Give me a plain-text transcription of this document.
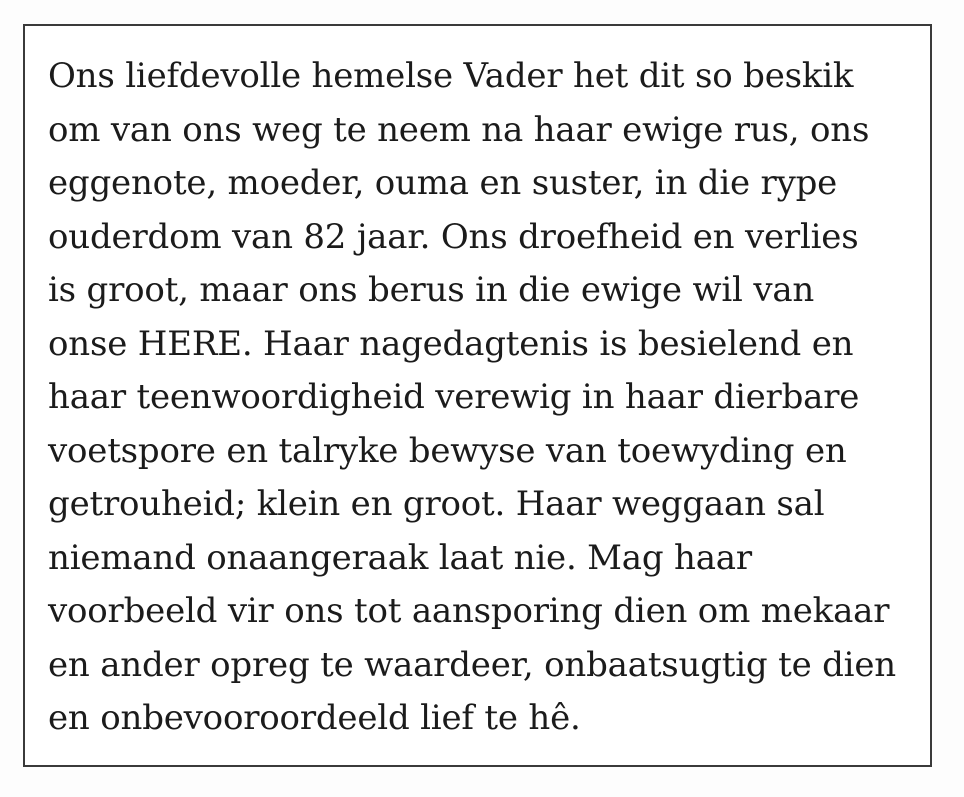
Ons liefdevolle hemelse Vader het dit so beskik
om van ons weg te neem na haar ewige rus, ons
eggenote, moeder, ouma en suster, in die rype
ouderdom van 82 jaar. Ons droefheid en verlies
is groot, maar ons berus in die ewige wil van
onse HERE. Haar nagedagtenis is besielend en
haar teenwoordigheid verewig in haar dierbare
voetspore en talryke bewyse van toewyding en
getrouheid; klein en groot. Haar weggaan sal
niemand onaangeraak laat nie. Mag haar
voorbeeld vir ons tot aansporing dien om mekaar
en ander opreg te waardeer, onbaatsugtig te dien
en onbevooroordeeld lief te hê.
